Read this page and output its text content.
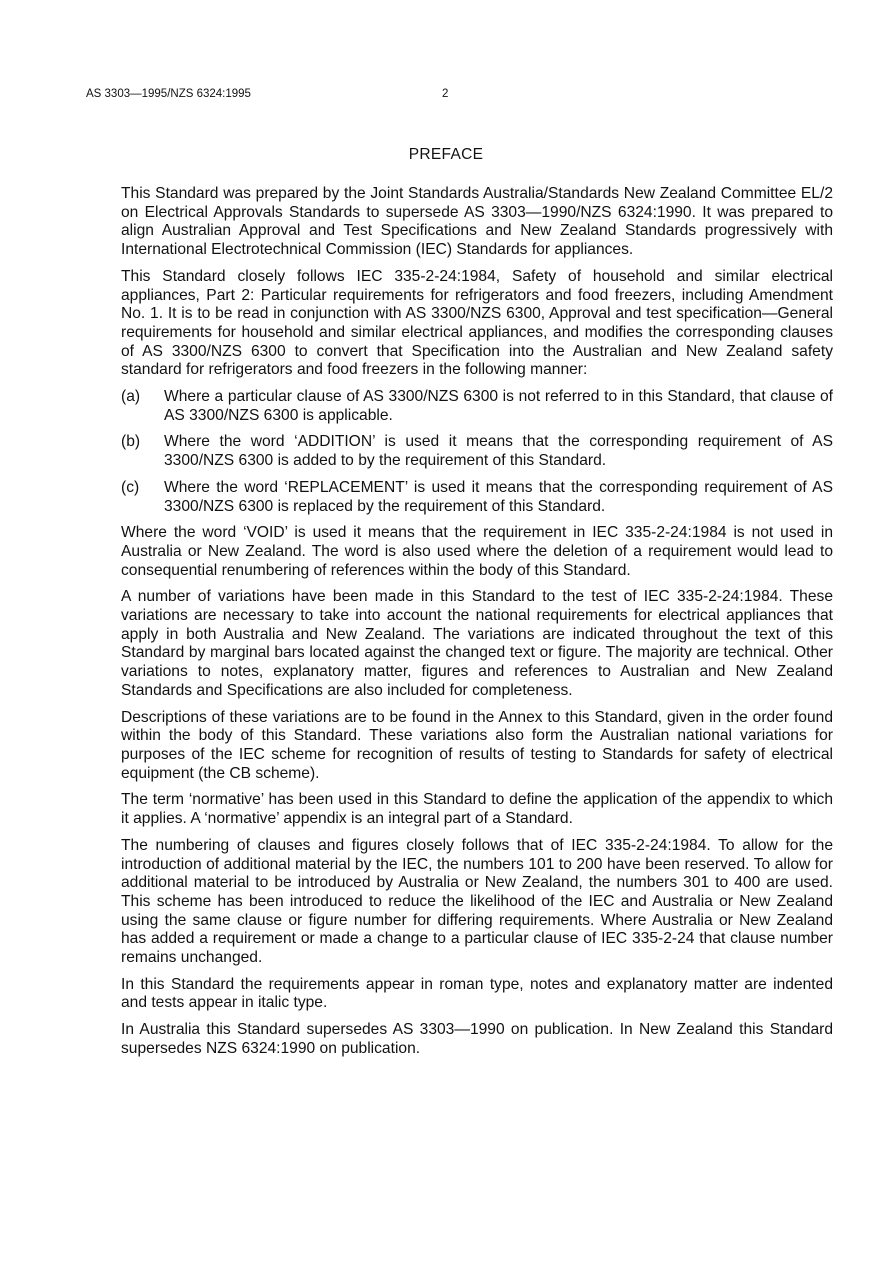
AS 3303—1995/NZS 6324:1995	2
PREFACE

This Standard was prepared by the Joint Standards Australia/Standards New Zealand Committee EL/2 on Electrical Approvals Standards to supersede AS 3303—1990/NZS 6324:1990. It was prepared to align Australian Approval and Test Specifications and New Zealand Standards progressively with International Electrotechnical Commission (IEC) Standards for appliances.

This Standard closely follows IEC 335-2-24:1984, Safety of household and similar electrical appliances, Part 2: Particular requirements for refrigerators and food freezers, including Amendment No. 1. It is to be read in conjunction with AS 3300/NZS 6300, Approval and test specification—General requirements for household and similar electrical appliances, and modifies the corresponding clauses of AS 3300/NZS 6300 to convert that Specification into the Australian and New Zealand safety standard for refrigerators and food freezers in the following manner:

(a)	Where a particular clause of AS 3300/NZS 6300 is not referred to in this Standard, that clause of AS 3300/NZS 6300 is applicable.
(b)	Where the word ‘ADDITION’ is used it means that the corresponding requirement of AS 3300/NZS 6300 is added to by the requirement of this Standard.
(c)	Where the word ‘REPLACEMENT’ is used it means that the corresponding requirement of AS 3300/NZS 6300 is replaced by the requirement of this Standard.

Where the word ‘VOID’ is used it means that the requirement in IEC 335-2-24:1984 is not used in Australia or New Zealand. The word is also used where the deletion of a requirement would lead to consequential renumbering of references within the body of this Standard.

A number of variations have been made in this Standard to the test of IEC 335-2-24:1984. These variations are necessary to take into account the national requirements for electrical appliances that apply in both Australia and New Zealand. The variations are indicated throughout the text of this Standard by marginal bars located against the changed text or figure. The majority are technical. Other variations to notes, explanatory matter, figures and references to Australian and New Zealand Standards and Specifications are also included for completeness.

Descriptions of these variations are to be found in the Annex to this Standard, given in the order found within the body of this Standard. These variations also form the Australian national variations for purposes of the IEC scheme for recognition of results of testing to Standards for safety of electrical equipment (the CB scheme).

The term ‘normative’ has been used in this Standard to define the application of the appendix to which it applies. A ‘normative’ appendix is an integral part of a Standard.

The numbering of clauses and figures closely follows that of IEC 335-2-24:1984. To allow for the introduction of additional material by the IEC, the numbers 101 to 200 have been reserved. To allow for additional material to be introduced by Australia or New Zealand, the numbers 301 to 400 are used. This scheme has been introduced to reduce the likelihood of the IEC and Australia or New Zealand using the same clause or figure number for differing requirements. Where Australia or New Zealand has added a requirement or made a change to a particular clause of IEC 335-2-24 that clause number remains unchanged.

In this Standard the requirements appear in roman type, notes and explanatory matter are indented and tests appear in italic type.

In Australia this Standard supersedes AS 3303—1990 on publication. In New Zealand this Standard supersedes NZS 6324:1990 on publication.
